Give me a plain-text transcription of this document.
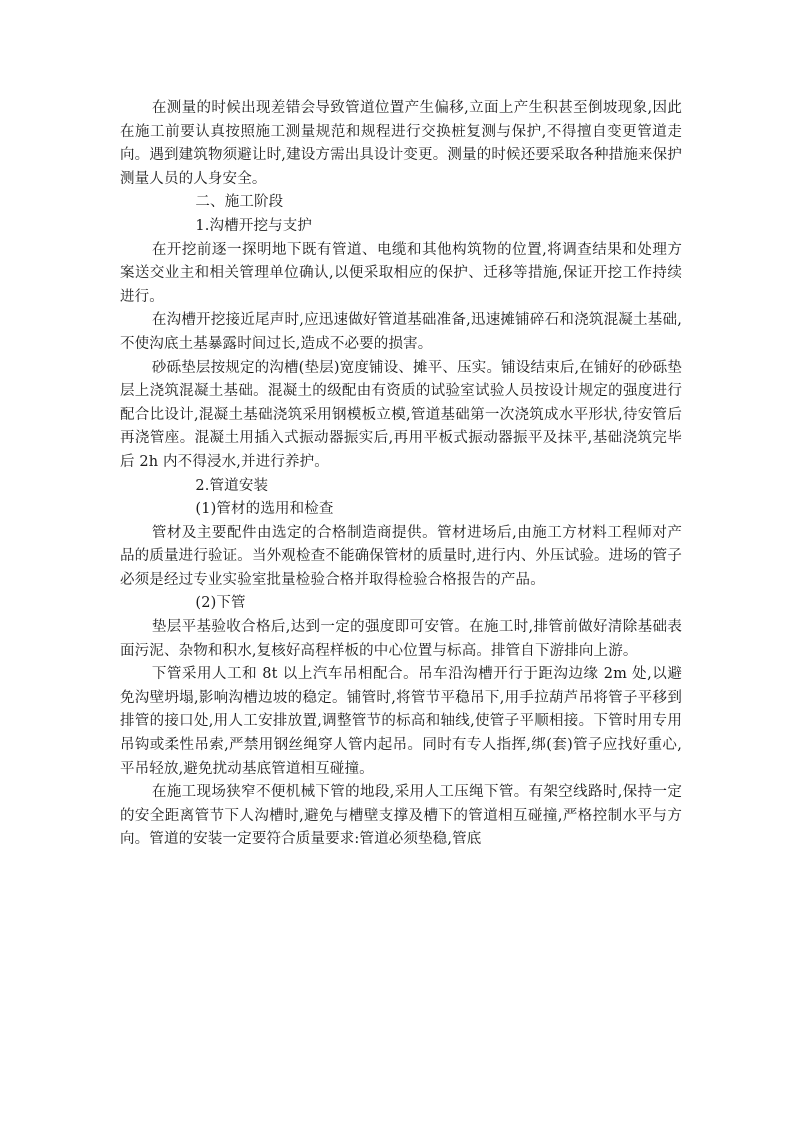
在测量的时候出现差错会导致管道位置产生偏移,立面上产生积甚至倒坡现象,因此在施工前要认真按照施工测量规范和规程进行交换桩复测与保护,不得擅自变更管道走向。遇到建筑物须避让时,建设方需出具设计变更。测量的时候还要采取各种措施来保护测量人员的人身安全。

二、施工阶段

1.沟槽开挖与支护

在开挖前逐一探明地下既有管道、电缆和其他构筑物的位置,将调查结果和处理方案送交业主和相关管理单位确认,以便采取相应的保护、迁移等措施,保证开挖工作持续进行。

在沟槽开挖接近尾声时,应迅速做好管道基础准备,迅速摊铺碎石和浇筑混凝土基础,不使沟底土基暴露时间过长,造成不必要的损害。

砂砾垫层按规定的沟槽(垫层)宽度铺设、摊平、压实。铺设结束后,在铺好的砂砾垫层上浇筑混凝土基础。混凝土的级配由有资质的试验室试验人员按设计规定的强度进行配合比设计,混凝土基础浇筑采用钢模板立模,管道基础第一次浇筑成水平形状,待安管后再浇管座。混凝土用插入式振动器振实后,再用平板式振动器振平及抹平,基础浇筑完毕后 2h 内不得浸水,并进行养护。

2.管道安装

(1)管材的选用和检查

管材及主要配件由选定的合格制造商提供。管材进场后,由施工方材料工程师对产品的质量进行验证。当外观检查不能确保管材的质量时,进行内、外压试验。进场的管子必须是经过专业实验室批量检验合格并取得检验合格报告的产品。

(2)下管

垫层平基验收合格后,达到一定的强度即可安管。在施工时,排管前做好清除基础表面污泥、杂物和积水,复核好高程样板的中心位置与标高。排管自下游排向上游。

下管采用人工和 8t 以上汽车吊相配合。吊车沿沟槽开行于距沟边缘 2m 处,以避免沟壁坍塌,影响沟槽边坡的稳定。铺管时,将管节平稳吊下,用手拉葫芦吊将管子平移到排管的接口处,用人工安排放置,调整管节的标高和轴线,使管子平顺相接。下管时用专用吊钩或柔性吊索,严禁用钢丝绳穿人管内起吊。同时有专人指挥,绑(套)管子应找好重心,平吊轻放,避免扰动基底管道相互碰撞。

在施工现场狭窄不便机械下管的地段,采用人工压绳下管。有架空线路时,保持一定的安全距离管节下人沟槽时,避免与槽壁支撑及槽下的管道相互碰撞,严格控制水平与方向。管道的安装一定要符合质量要求:管道必须垫稳,管底
